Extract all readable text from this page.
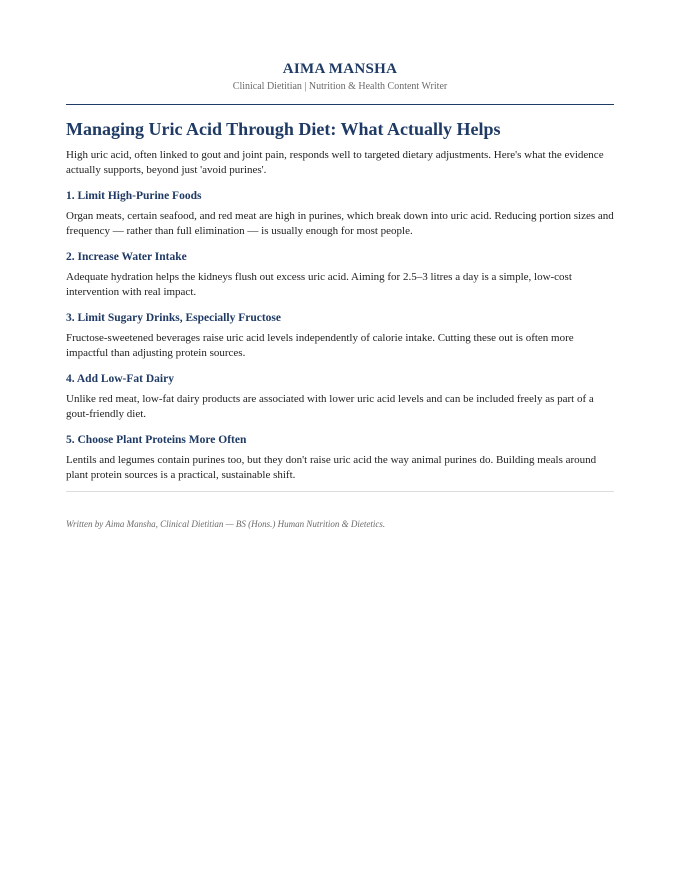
AIMA MANSHA
Clinical Dietitian | Nutrition & Health Content Writer
Managing Uric Acid Through Diet: What Actually Helps

High uric acid, often linked to gout and joint pain, responds well to targeted dietary adjustments. Here's what the evidence actually supports, beyond just 'avoid purines'.

1. Limit High-Purine Foods

Organ meats, certain seafood, and red meat are high in purines, which break down into uric acid. Reducing portion sizes and frequency — rather than full elimination — is usually enough for most people.

2. Increase Water Intake

Adequate hydration helps the kidneys flush out excess uric acid. Aiming for 2.5–3 litres a day is a simple, low-cost intervention with real impact.

3. Limit Sugary Drinks, Especially Fructose

Fructose-sweetened beverages raise uric acid levels independently of calorie intake. Cutting these out is often more impactful than adjusting protein sources.

4. Add Low-Fat Dairy

Unlike red meat, low-fat dairy products are associated with lower uric acid levels and can be included freely as part of a gout-friendly diet.

5. Choose Plant Proteins More Often

Lentils and legumes contain purines too, but they don't raise uric acid the way animal purines do. Building meals around plant protein sources is a practical, sustainable shift.

Written by Aima Mansha, Clinical Dietitian — BS (Hons.) Human Nutrition & Dietetics.
